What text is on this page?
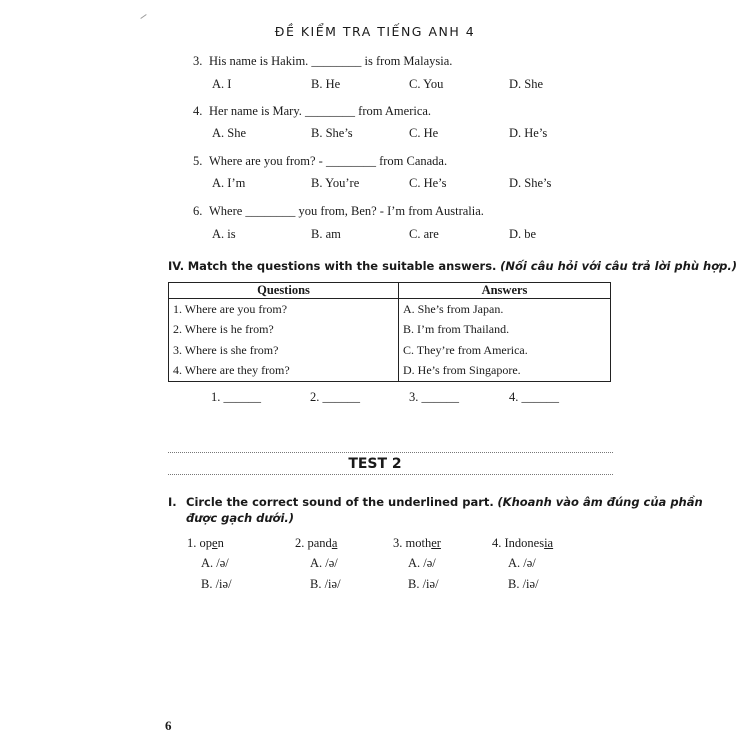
ĐỀ KIỂM TRA TIẾNG ANH 4
3. His name is Hakim. ________ is from Malaysia.
A. I	B. He	C. You	D. She
4. Her name is Mary. ________ from America.
A. She	B. She’s	C. He	D. He’s
5. Where are you from? - ________ from Canada.
A. I’m	B. You’re	C. He’s	D. She’s
6. Where ________ you from, Ben? - I’m from Australia.
A. is	B. am	C. are	D. be
IV. Match the questions with the suitable answers. (Nối câu hỏi với câu trả lời phù hợp.)
Questions	Answers
1. Where are you from?	A. She’s from Japan.
2. Where is he from?	B. I’m from Thailand.
3. Where is she from?	C. They’re from America.
4. Where are they from?	D. He’s from Singapore.
1. ______	2. ______	3. ______	4. ______
TEST 2
I. Circle the correct sound of the underlined part. (Khoanh vào âm đúng của phần
được gạch dưới.)
1. open	2. panda	3. mother	4. Indonesia
A. /ə/	A. /ə/	A. /ə/	A. /ə/
B. /iə/	B. /iə/	B. /iə/	B. /iə/
6
